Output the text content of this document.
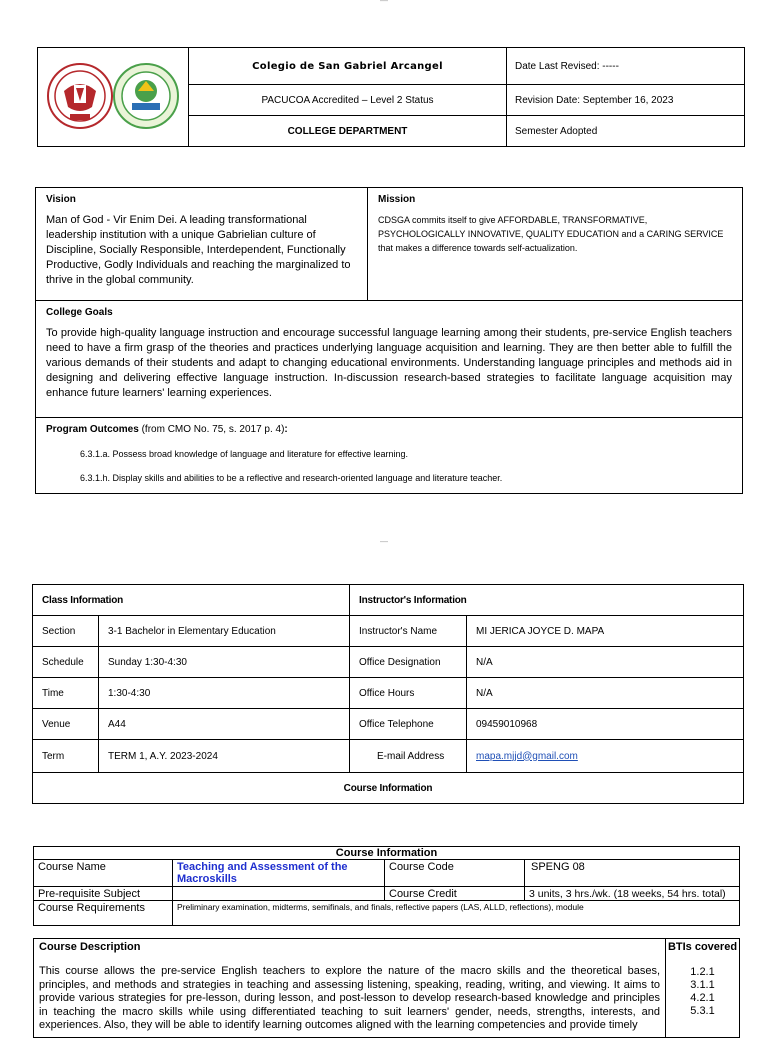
—
	Colegio de San Gabriel Arcangel	Date Last Revised: -----
	PACUCOA Accredited – Level 2 Status	Revision Date: September 16, 2023
	COLLEGE DEPARTMENT	Semester Adopted
Vision

Man of God - Vir Enim Dei. A leading transformational leadership institution with a unique Gabrielian culture of Discipline, Socially Responsible, Interdependent, Functionally Productive, Godly Individuals and reaching the marginalized to thrive in the global community.

Mission

CDSGA commits itself to give AFFORDABLE, TRANSFORMATIVE, PSYCHOLOGICALLY INNOVATIVE, QUALITY EDUCATION and a CARING SERVICE that makes a difference towards self-actualization.

College Goals

To provide high-quality language instruction and encourage successful language learning among their students, pre-service English teachers need to have a firm grasp of the theories and practices underlying language acquisition and learning. They are then better able to fulfill the various demands of their students and adapt to changing educational environments. Understanding language principles and methods aid in designing and delivering effective language instruction. In-discussion research-based strategies to facilitate language acquisition may enhance future learners' learning experiences.

Program Outcomes (from CMO No. 75, s. 2017 p. 4):
6.3.1.a. Possess broad knowledge of language and literature for effective learning.
6.3.1.h. Display skills and abilities to be a reflective and research-oriented language and literature teacher.
—
Class Information		Instructor's Information	
Section	3-1 Bachelor in Elementary Education	Instructor's Name	MI JERICA JOYCE D. MAPA
Schedule	Sunday 1:30-4:30	Office Designation	N/A
Time	1:30-4:30	Office Hours	N/A
Venue	A44	Office Telephone	09459010968
Term	TERM 1, A.Y. 2023-2024	E-mail Address	mapa.mjjd@gmail.com
Course Information			
Course Information			
Course Name	Teaching and Assessment of the Macroskills	Course Code	SPENG 08
Pre-requisite Subject		Course Credit	3 units, 3 hrs./wk. (18 weeks, 54 hrs. total)
Course Requirements	Preliminary examination, midterms, semifinals, and finals, reflective papers (LAS, ALLD, reflections), module		
Course Description

This course allows the pre-service English teachers to explore the nature of the macro skills and the theoretical bases, principles, and methods and strategies in teaching and assessing listening, speaking, reading, writing, and viewing. It aims to provide various strategies for pre-lesson, during lesson, and post-lesson to develop research-based knowledge and principles in teaching the macro skills while using differentiated teaching to suit learners' gender, needs, strengths, interests, and experiences. Also, they will be able to identify learning outcomes aligned with the learning competencies and provide timely

BTIs covered
1.2.1
3.1.1
4.2.1
5.3.1
